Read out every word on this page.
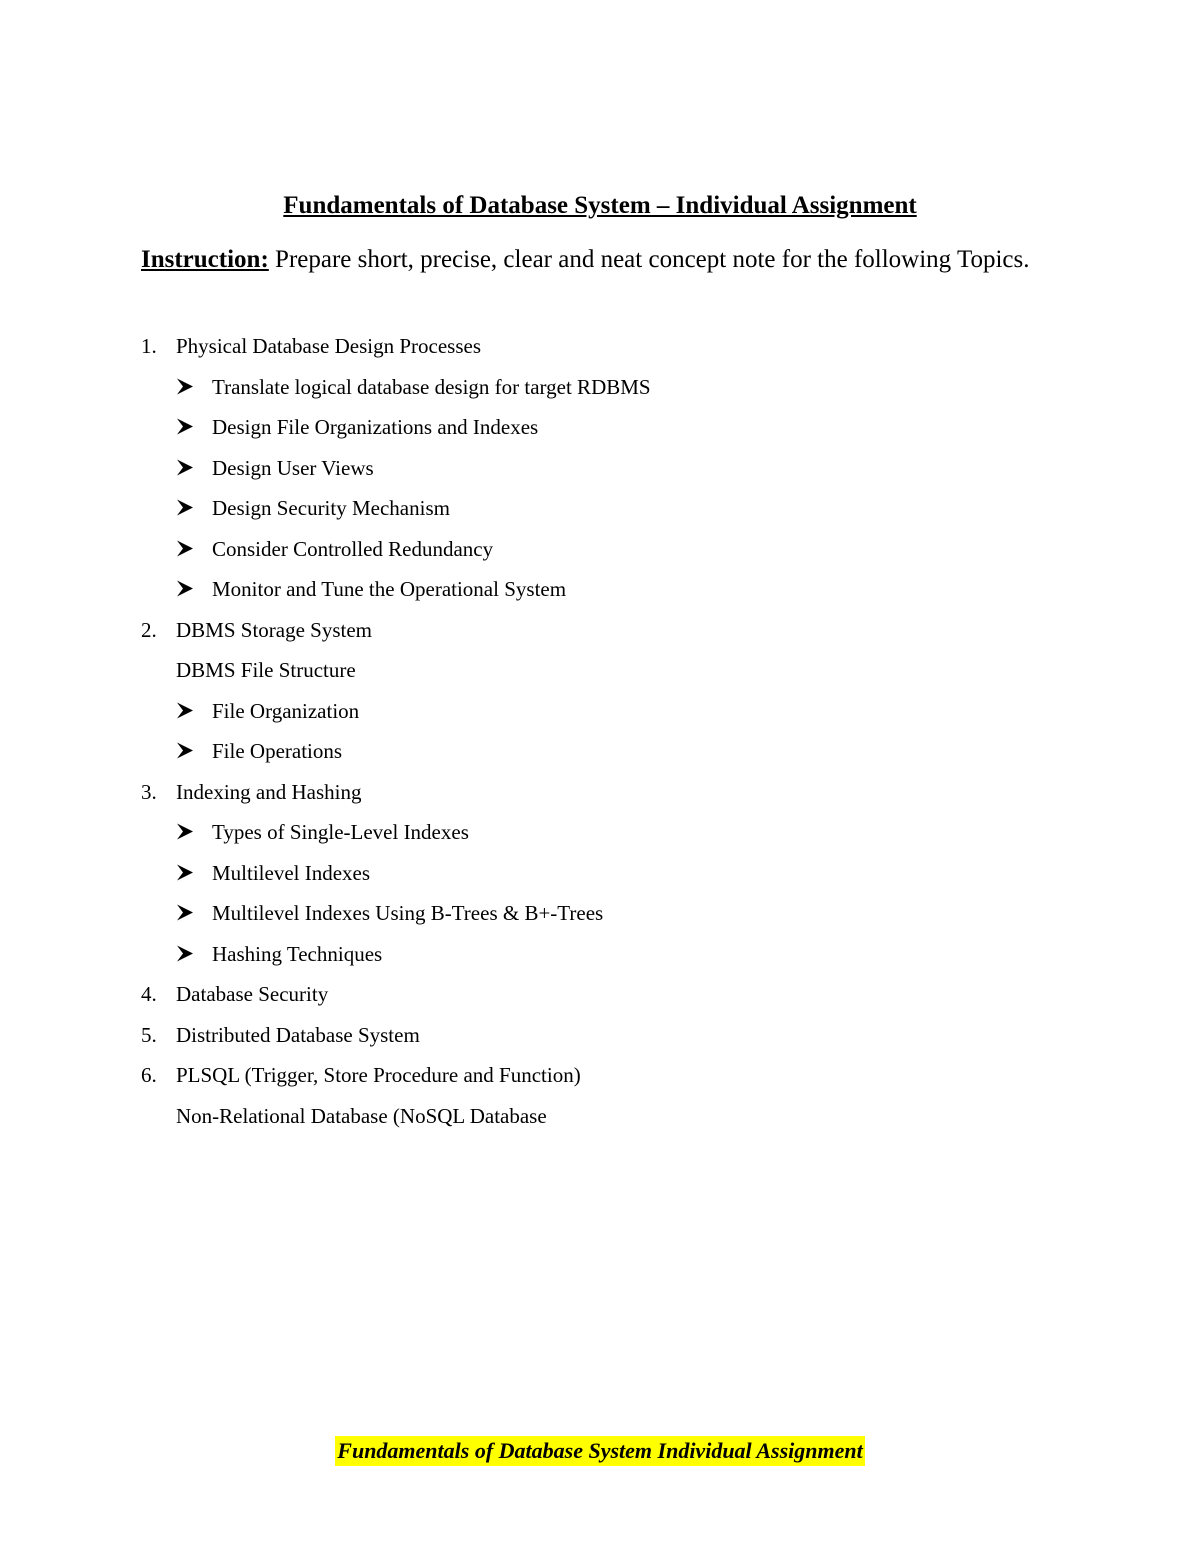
Fundamentals of Database System – Individual Assignment
Instruction: Prepare short, precise, clear and neat concept note for the following Topics.
1. Physical Database Design Processes
Translate logical database design for target RDBMS
Design File Organizations and Indexes
Design User Views
Design Security Mechanism
Consider Controlled Redundancy
Monitor and Tune the Operational System
2. DBMS Storage System
DBMS File Structure
File Organization
File Operations
3. Indexing and Hashing
Types of Single-Level Indexes
Multilevel Indexes
Multilevel Indexes Using B-Trees & B+-Trees
Hashing Techniques
4. Database Security
5. Distributed Database System
6. PLSQL (Trigger, Store Procedure and Function)
Non-Relational Database (NoSQL Database
Fundamentals of Database System Individual Assignment
